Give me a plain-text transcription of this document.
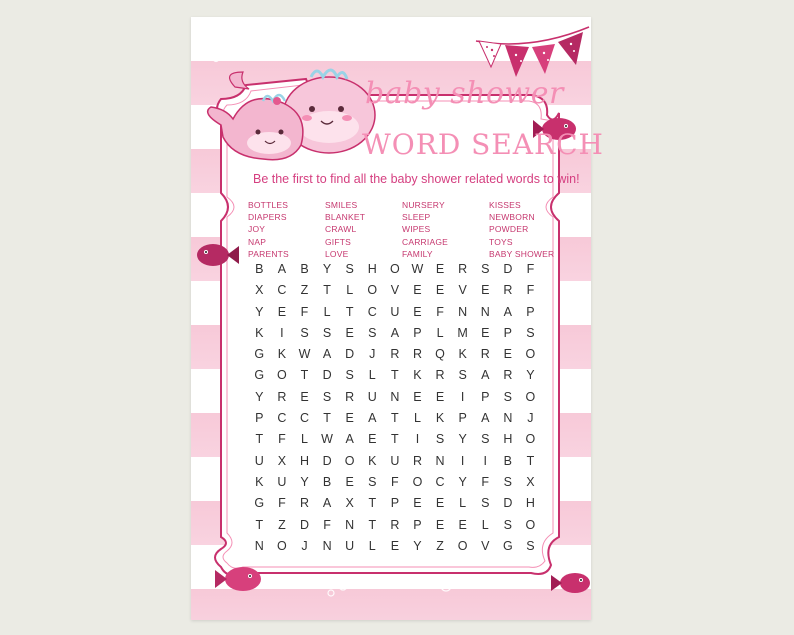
baby shower
WORD SEARCH
Be the first to find all the baby shower related words to win!
BOTTLES
DIAPERS
JOY
NAP
PARENTS
SMILES
BLANKET
CRAWL
GIFTS
LOVE
NURSERY
SLEEP
WIPES
CARRIAGE
FAMILY
KISSES
NEWBORN
POWDER
TOYS
BABY SHOWER
B	A	B	Y	S	H	O W	E	R	S	D	F
X	C	Z	T	L	O	V	E	E	V	E	R	F
Y	E	F	L	T	C	U	E	F	N	N	A	P
K	I	S	S	E	S	A	P	L	M	E	P	S
G	K	W	A	D	J	R	R	Q	K	R	E	O
G	O	T	D	S	L	T	K	R	S	A	R	Y
Y	R	E	S	R	U	N	E	E	I	P	S	O
P	C	C	T	E	A	T	L	K	P	A	N	J
T	F	L	W	A	E	T	I	S	Y	S	H	O
U	X	H	D	O	K	U	R	N	I	I	B	T
K	U	Y	B	E	S	F	O	C	Y	F	S	X
G	F	R	A	X	T	P	E	E	L	S	D	H
T	Z	D	F	N	T	R	P	E	E	L	S	O
N	O	J	N	U	L	E	Y	Z	O	V	G	S
